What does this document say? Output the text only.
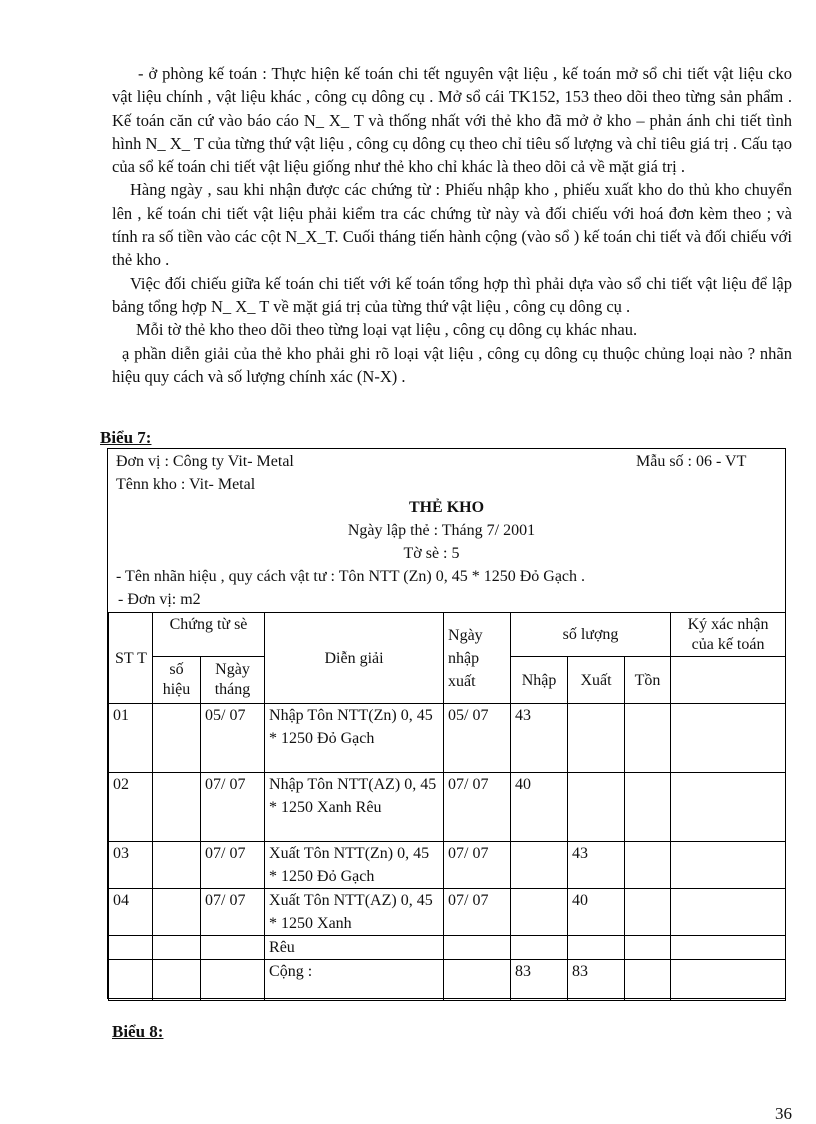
- ở phòng kế toán : Thực hiện kế toán chi tết nguyên vật liệu , kế toán mở sổ chi tiết vật liệu cko vật liệu chính , vật liệu khác , công cụ dông cụ . Mở sổ cái TK152, 153 theo dõi theo từng sản phẩm . Kế toán căn cứ vào báo cáo N_ X_ T và thống nhất với thẻ kho đã mở ở kho – phản ánh chi tiết tình hình N_ X_ T của từng thứ vật liệu , công cụ dông cụ theo chỉ tiêu số lượng và chỉ tiêu giá trị . Cấu tạo của sổ kế toán chi tiết vật liệu giống như thẻ kho chỉ khác là theo dõi cả về mặt giá trị .

Hàng ngày , sau khi nhận được các chứng từ : Phiếu nhập kho , phiếu xuất kho do thủ kho chuyển lên , kế toán chi tiết vật liệu phải kiểm tra các chứng từ này và đối chiếu với hoá đơn kèm theo ; và tính ra số tiền vào các cột N_X_T. Cuối tháng tiến hành cộng (vào sổ ) kế toán chi tiết và đối chiếu với thẻ kho .

Việc đối chiếu giữa kế toán chi tiết với kế toán tổng hợp thì phải dựa vào sổ chi tiết vật liệu để lập bảng tổng hợp N_ X_ T về mặt giá trị của từng thứ vật liệu , công cụ dông cụ .

Mỗi tờ thẻ kho theo dõi theo từng loại vạt liệu , công cụ dông cụ khác nhau.

ạ phần diễn giải của thẻ kho phải ghi rõ loại vật liệu , công cụ dông cụ thuộc chủng loại nào ? nhãn hiệu quy cách và số lượng chính xác (N-X) .

Biểu 7:
Đơn vị : Công ty Vit- Metal	Mẫu số : 06 - VT
Tênn kho : Vit- Metal
THẺ KHO
Ngày lập thẻ : Tháng 7/ 2001
Tờ sè : 5
- Tên nhãn hiệu , quy cách vật tư : Tôn NTT (Zn) 0, 45 * 1250 Đỏ Gạch .
- Đơn vị: m2
ST T	Chứng từ sè		Diễn giải	Ngày nhập xuất	số lượng			Ký xác nhận của kế toán
	số hiệu	Ngày tháng			Nhập	Xuất	Tồn	
01		05/ 07	Nhập Tôn NTT(Zn) 0, 45 * 1250 Đỏ Gạch	05/ 07	43			
02		07/ 07	Nhập Tôn NTT(AZ) 0, 45 * 1250 Xanh Rêu	07/ 07	40			
03		07/ 07	Xuất Tôn NTT(Zn) 0, 45 * 1250 Đỏ Gạch	07/ 07		43		
04		07/ 07	Xuất Tôn NTT(AZ) 0, 45 * 1250 Xanh	07/ 07		40		
			Rêu					
			Cộng :		83	83		
Biểu 8:
36
